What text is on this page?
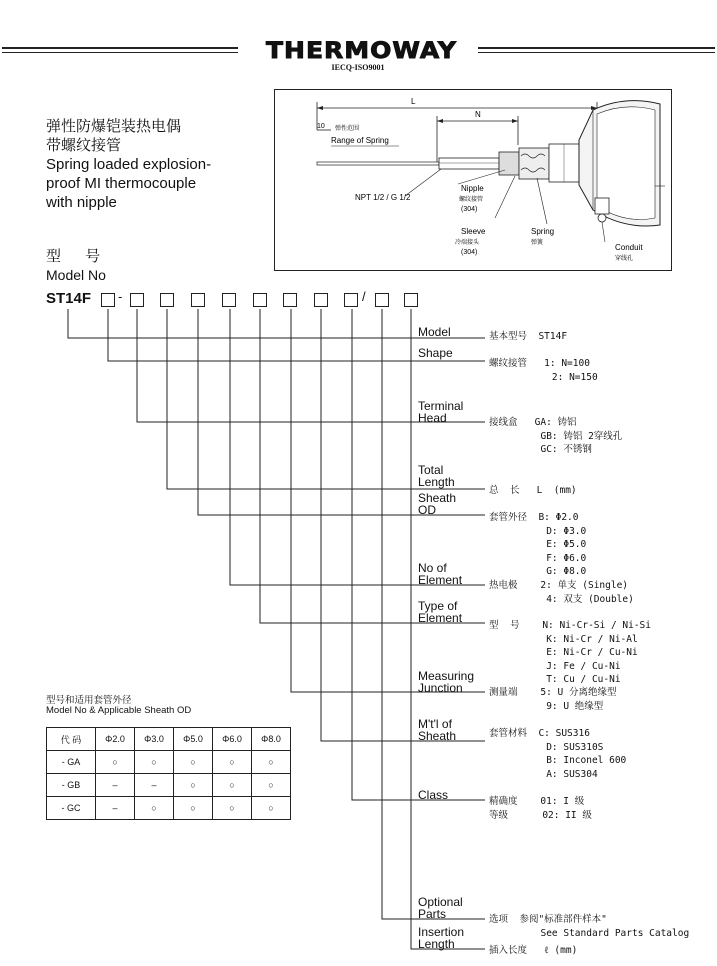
THERMOWAY
IECQ-ISO9001
弹性防爆铠装热电偶
带螺纹接管
Spring loaded explosion-
proof MI thermocouple
with nipple
L
N
10 弹性范围
Range of Spring
NPT 1/2 / G 1/2
Nipple
螺纹接管
(304)
Sleeve
冷端接头
(304)
Spring
弹簧
Conduit
穿线孔
型 号
Model No
ST14F -	/
Model
Shape
Terminal
Head
Total
Length
Sheath
OD
No of
Element
Type of
Element
Measuring
Junction
M't'l of
Sheath
Class
Optional
Parts
Insertion
Length
基本型号  ST14F
螺纹接管   1: N=100
2: N=150
接线盒   GA: 铸铝
GB: 铸铝 2穿线孔
GC: 不锈钢
总  长   L  (mm)
套管外径  B: Φ2.0
D: Φ3.0
E: Φ5.0
F: Φ6.0
G: Φ8.0
热电极    2: 单支 (Single)
4: 双支 (Double)
型  号    N: Ni-Cr-Si / Ni-Si
K: Ni-Cr / Ni-Al
E: Ni-Cr / Cu-Ni
J: Fe / Cu-Ni
T: Cu / Cu-Ni
测量端    5: U 分离绝缘型
9: U 绝缘型
套管材料  C: SUS316
D: SUS310S
B: Inconel 600
A: SUS304
精确度    01: I 级
等级      02: II 级
选项  参阅"标准部件样本"
See Standard Parts Catalog
插入长度   ℓ (mm)
型号和适用套管外径
Model No & Applicable Sheath OD
代 码	Φ2.0	Φ3.0	Φ5.0	Φ6.0	Φ8.0
- GA	○	○	○	○	○
- GB	–	–	○	○	○
- GC	–	○	○	○	○
